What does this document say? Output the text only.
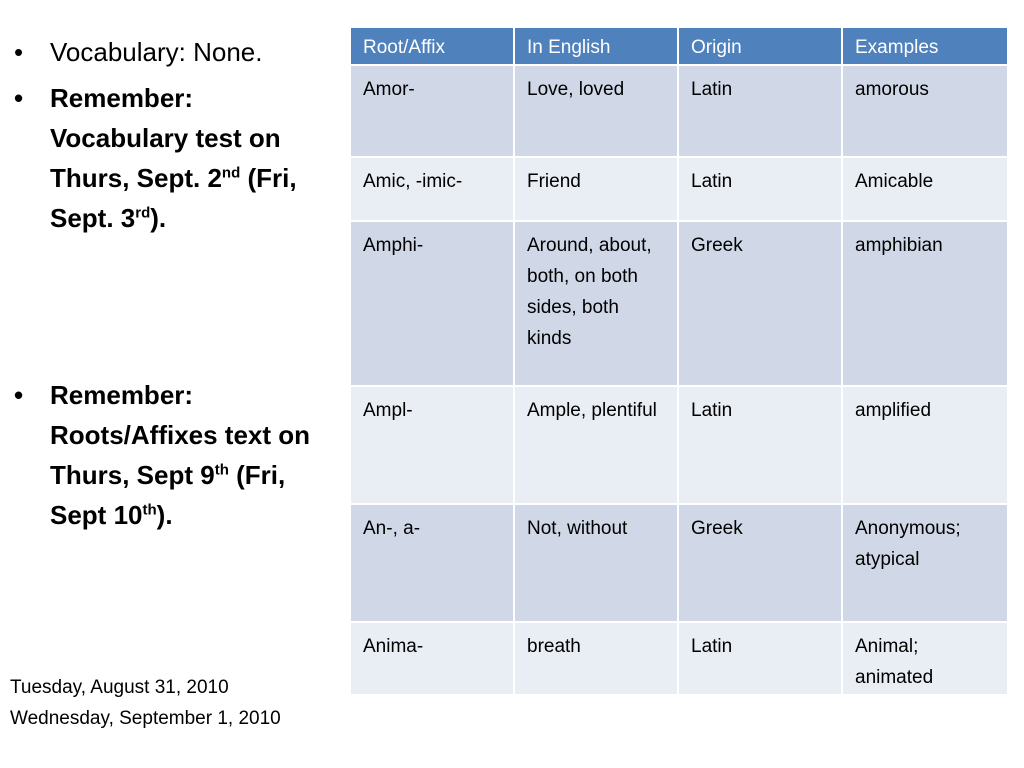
• Vocabulary: None.
• Remember: Vocabulary test on Thurs, Sept. 2nd (Fri, Sept. 3rd).
• Remember: Roots/Affixes text on Thurs, Sept 9th (Fri, Sept 10th).
Tuesday, August 31, 2010
Wednesday, September 1, 2010
Root/Affix	In English	Origin	Examples
Amor-	Love, loved	Latin	amorous
Amic, -imic-	Friend	Latin	Amicable
Amphi-	Around, about, both, on both sides, both kinds	Greek	amphibian
Ampl-	Ample, plentiful	Latin	amplified
An-, a-	Not, without	Greek	Anonymous; atypical
Anima-	breath	Latin	Animal; animated
